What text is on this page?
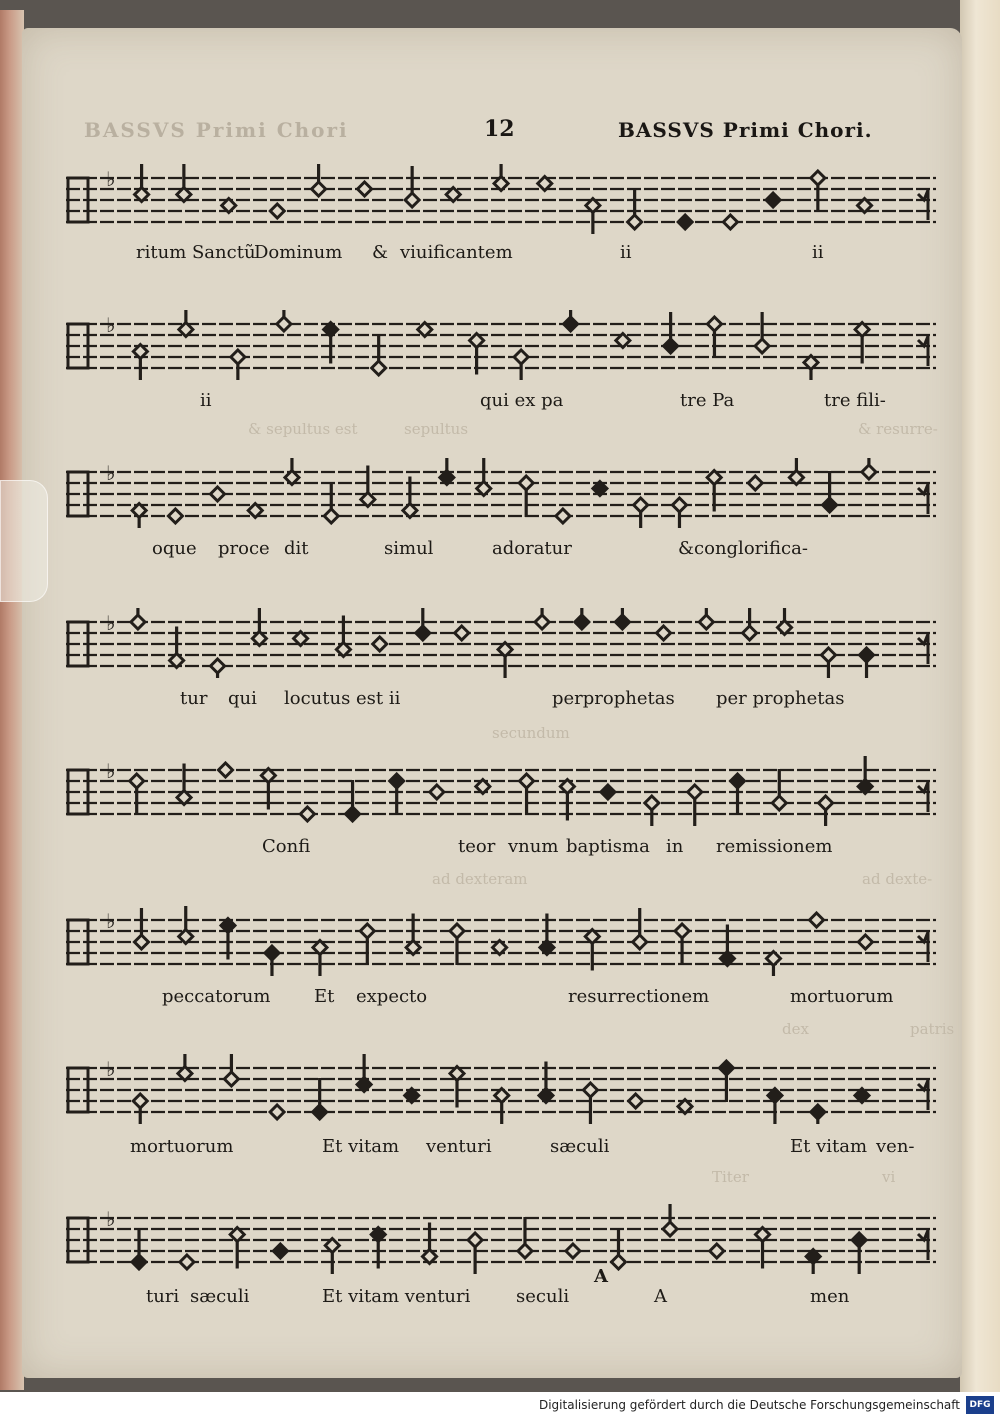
BASSVS Primi Chori	12	BASSVS Primi Chori.
& sepultus est	sepultus	& resurre-
secundum
ad dexteram	ad dexte-
dex	patris
Titer	vi
♭
♭
♭
♭
♭
♭
♭
♭
ritum Sanctũ
Dominum & viuificantem	ii	ii
ii	qui ex pa	tre Pa	tre fili-
oque proce dit	simul	adoratur	&conglorifica-
tur qui locutus est ii	perprophetas per prophetas
Confi	teor vnum baptisma in remissionem
peccatorum Et expecto	resurrectionem	mortuorum
mortuorum	Et vitam venturi	sæculi	Et vitam ven-
turi sæculi	Et vitam venturi	seculi	A	men
A
Digitalisierung gefördert durch die Deutsche Forschungsgemeinschaft	DFG
